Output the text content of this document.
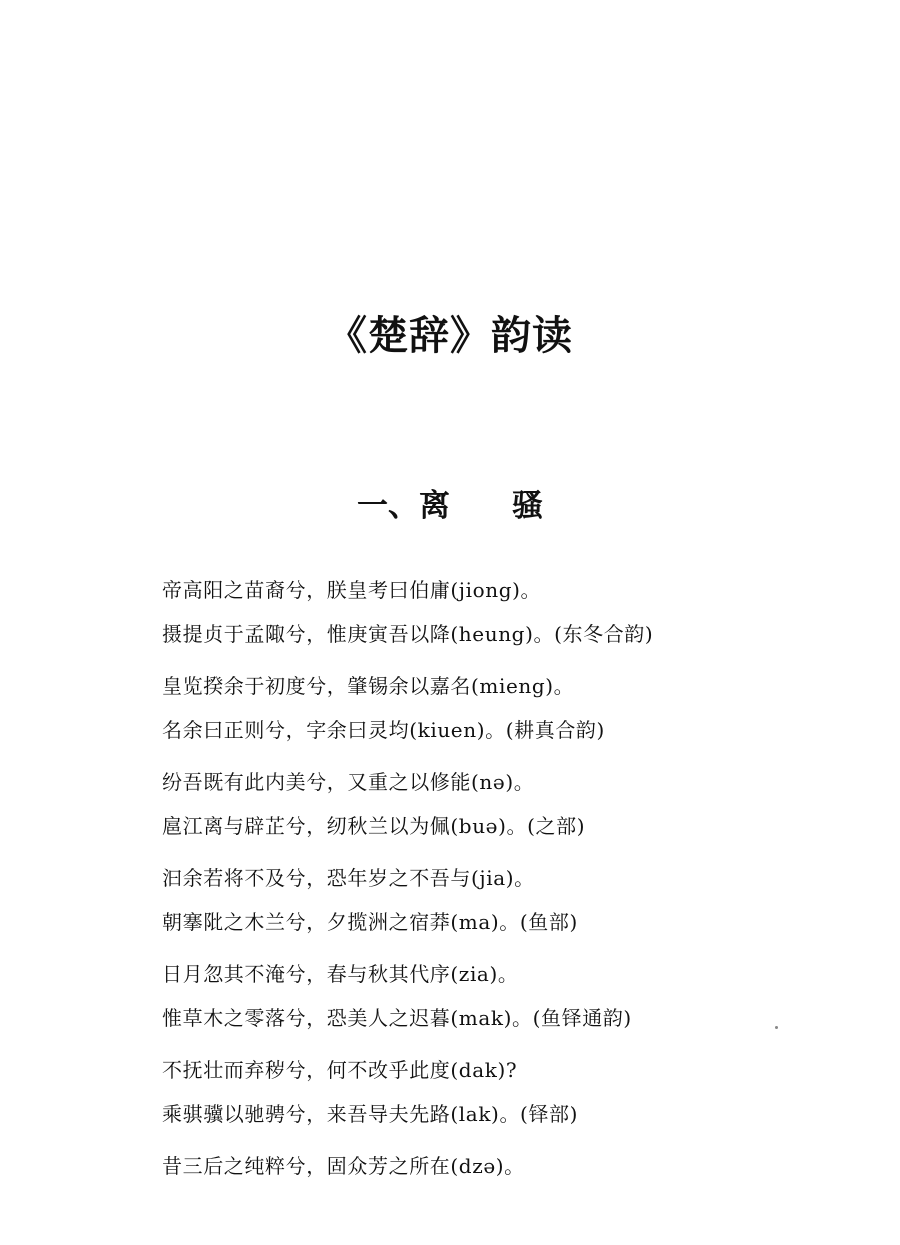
《楚辞》韵读
一、离 骚
帝高阳之苗裔兮，朕皇考曰伯庸(jiong)。
摄提贞于孟陬兮，惟庚寅吾以降(heung)。(东冬合韵)
皇览揆余于初度兮，肇锡余以嘉名(mieng)。
名余曰正则兮，字余曰灵均(kiuen)。(耕真合韵)
纷吾既有此内美兮，又重之以修能(nə)。
扈江离与辟芷兮，纫秋兰以为佩(buə)。(之部)
汩余若将不及兮，恐年岁之不吾与(jia)。
朝搴阰之木兰兮，夕揽洲之宿莽(ma)。(鱼部)
日月忽其不淹兮，春与秋其代序(zia)。
惟草木之零落兮，恐美人之迟暮(mak)。(鱼铎通韵)
不抚壮而弃秽兮，何不改乎此度(dak)?
乘骐骥以驰骋兮，来吾导夫先路(lak)。(铎部)
昔三后之纯粹兮，固众芳之所在(dzə)。
